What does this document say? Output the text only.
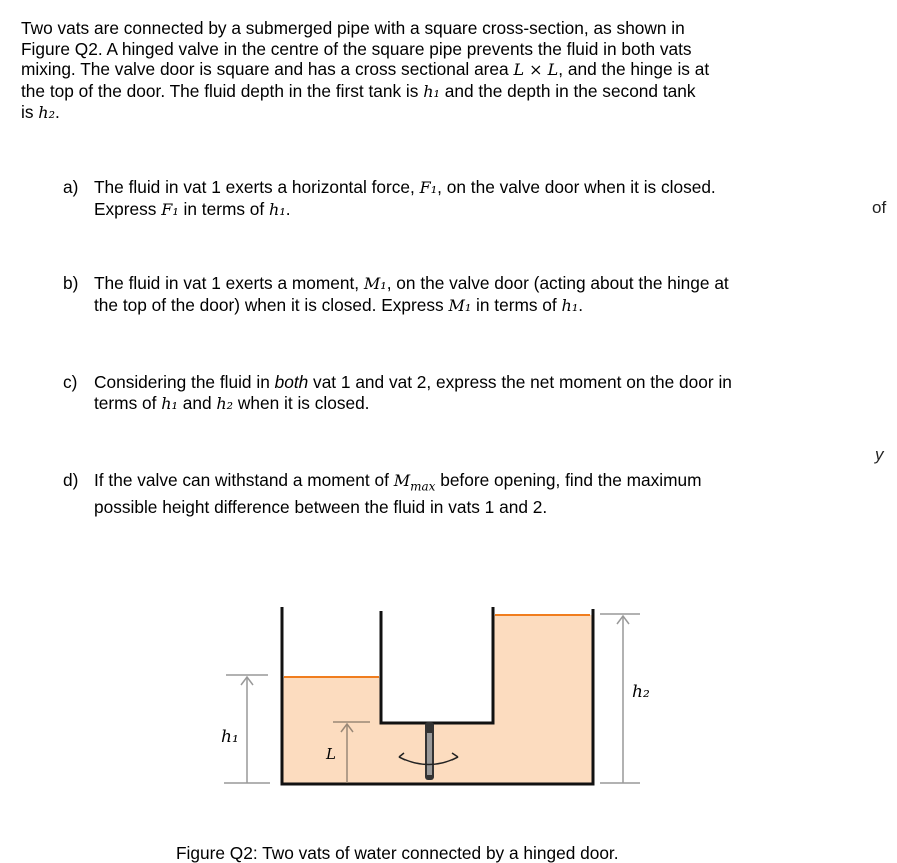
Two vats are connected by a submerged pipe with a square cross-section, as shown in
Figure Q2. A hinged valve in the centre of the square pipe prevents the fluid in both vats
mixing. The valve door is square and has a cross sectional area L × L, and the hinge is at
the top of the door. The fluid depth in the first tank is h₁ and the depth in the second tank
is h₂.
a) The fluid in vat 1 exerts a horizontal force, F₁, on the valve door when it is closed.
Express F₁ in terms of h₁.
b) The fluid in vat 1 exerts a moment, M₁, on the valve door (acting about the hinge at
the top of the door) when it is closed. Express M₁ in terms of h₁.
c) Considering the fluid in both vat 1 and vat 2, express the net moment on the door in
terms of h₁ and h₂ when it is closed.
d) If the valve can withstand a moment of $M_{max}$ before opening, find the maximum
possible height difference between the fluid in vats 1 and 2.
of
y
h₁
h₂
L
Figure Q2: Two vats of water connected by a hinged door.
